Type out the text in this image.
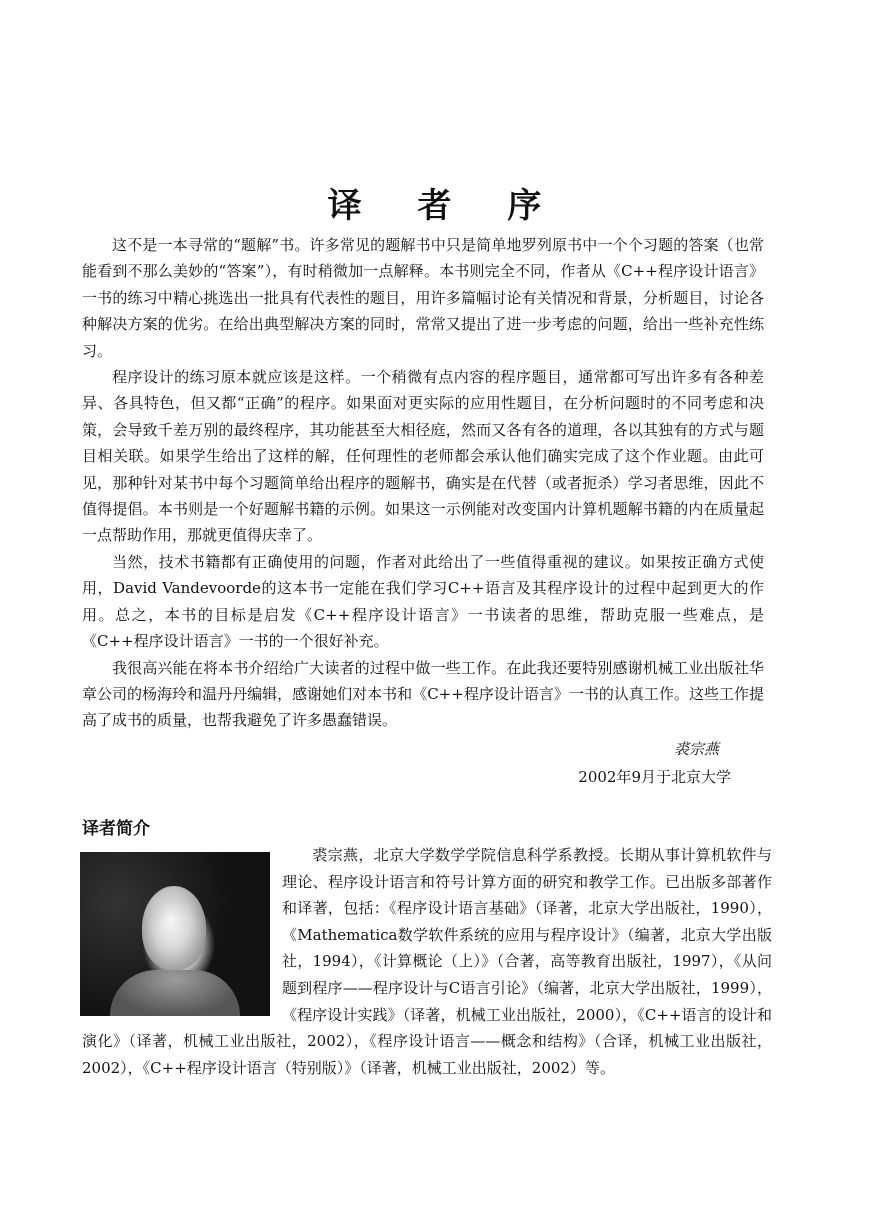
译 者 序

这不是一本寻常的“题解”书。许多常见的题解书中只是简单地罗列原书中一个个习题的答案（也常能看到不那么美妙的“答案”），有时稍微加一点解释。本书则完全不同，作者从《C++程序设计语言》一书的练习中精心挑选出一批具有代表性的题目，用许多篇幅讨论有关情况和背景，分析题目，讨论各种解决方案的优劣。在给出典型解决方案的同时，常常又提出了进一步考虑的问题，给出一些补充性练习。

程序设计的练习原本就应该是这样。一个稍微有点内容的程序题目，通常都可写出许多有各种差异、各具特色，但又都“正确”的程序。如果面对更实际的应用性题目，在分析问题时的不同考虑和决策，会导致千差万别的最终程序，其功能甚至大相径庭，然而又各有各的道理，各以其独有的方式与题目相关联。如果学生给出了这样的解，任何理性的老师都会承认他们确实完成了这个作业题。由此可见，那种针对某书中每个习题简单给出程序的题解书，确实是在代替（或者扼杀）学习者思维，因此不值得提倡。本书则是一个好题解书籍的示例。如果这一示例能对改变国内计算机题解书籍的内在质量起一点帮助作用，那就更值得庆幸了。

当然，技术书籍都有正确使用的问题，作者对此给出了一些值得重视的建议。如果按正确方式使用，David Vandevoorde的这本书一定能在我们学习C++语言及其程序设计的过程中起到更大的作用。总之，本书的目标是启发《C++程序设计语言》一书读者的思维，帮助克服一些难点，是《C++程序设计语言》一书的一个很好补充。

我很高兴能在将本书介绍给广大读者的过程中做一些工作。在此我还要特别感谢机械工业出版社华章公司的杨海玲和温丹丹编辑，感谢她们对本书和《C++程序设计语言》一书的认真工作。这些工作提高了成书的质量，也帮我避免了许多愚蠢错误。

裘宗燕
2002年9月于北京大学
译者简介
裘宗燕，北京大学数学学院信息科学系教授。长期从事计算机软件与理论、程序设计语言和符号计算方面的研究和教学工作。已出版多部著作和译著，包括：《程序设计语言基础》（译著，北京大学出版社，1990），《Mathematica数学软件系统的应用与程序设计》（编著，北京大学出版社，1994），《计算概论（上）》（合著，高等教育出版社，1997），《从问题到程序——程序设计与C语言引论》（编著，北京大学出版社，1999），《程序设计实践》（译著，机械工业出版社，2000），《C++语言的设计和演化》（译著，机械工业出版社，2002），《程序设计语言——概念和结构》（合译，机械工业出版社，2002），《C++程序设计语言（特别版）》（译著，机械工业出版社，2002）等。
